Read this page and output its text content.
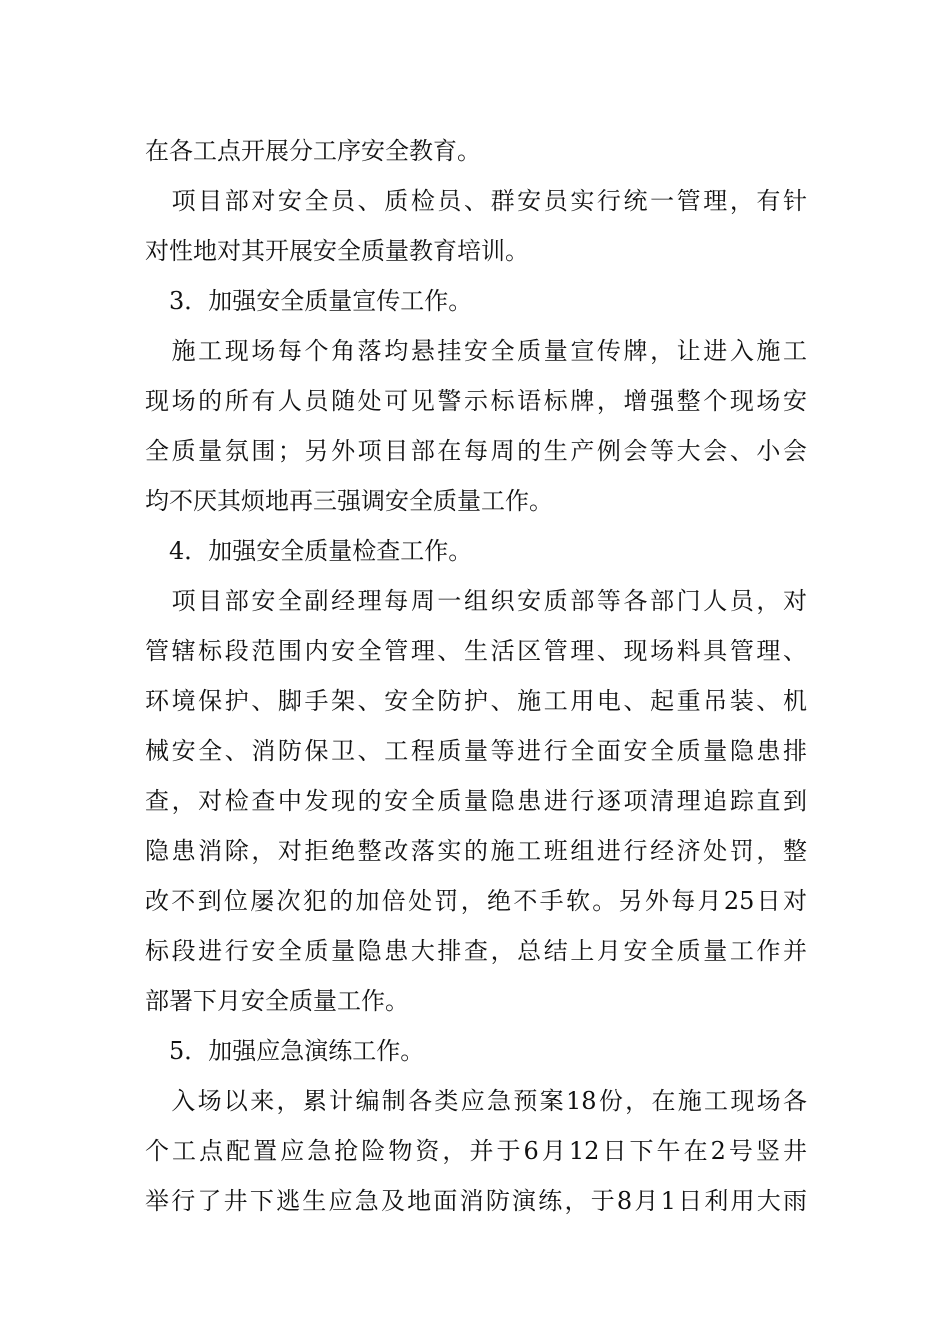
在各工点开展分工序安全教育。
　项目部对安全员、质检员、群安员实行统一管理，有针
对性地对其开展安全质量教育培训。
　3．加强安全质量宣传工作。
　施工现场每个角落均悬挂安全质量宣传牌，让进入施工
现场的所有人员随处可见警示标语标牌，增强整个现场安
全质量氛围；另外项目部在每周的生产例会等大会、小会
均不厌其烦地再三强调安全质量工作。
　4．加强安全质量检查工作。
　项目部安全副经理每周一组织安质部等各部门人员，对
管辖标段范围内安全管理、生活区管理、现场料具管理、
环境保护、脚手架、安全防护、施工用电、起重吊装、机
械安全、消防保卫、工程质量等进行全面安全质量隐患排
查，对检查中发现的安全质量隐患进行逐项清理追踪直到
隐患消除，对拒绝整改落实的施工班组进行经济处罚，整
改不到位屡次犯的加倍处罚，绝不手软。另外每月25日对
标段进行安全质量隐患大排查，总结上月安全质量工作并
部署下月安全质量工作。
　5．加强应急演练工作。
　入场以来，累计编制各类应急预案18份，在施工现场各
个工点配置应急抢险物资，并于6月12日下午在2号竖井
举行了井下逃生应急及地面消防演练，于8月1日利用大雨
